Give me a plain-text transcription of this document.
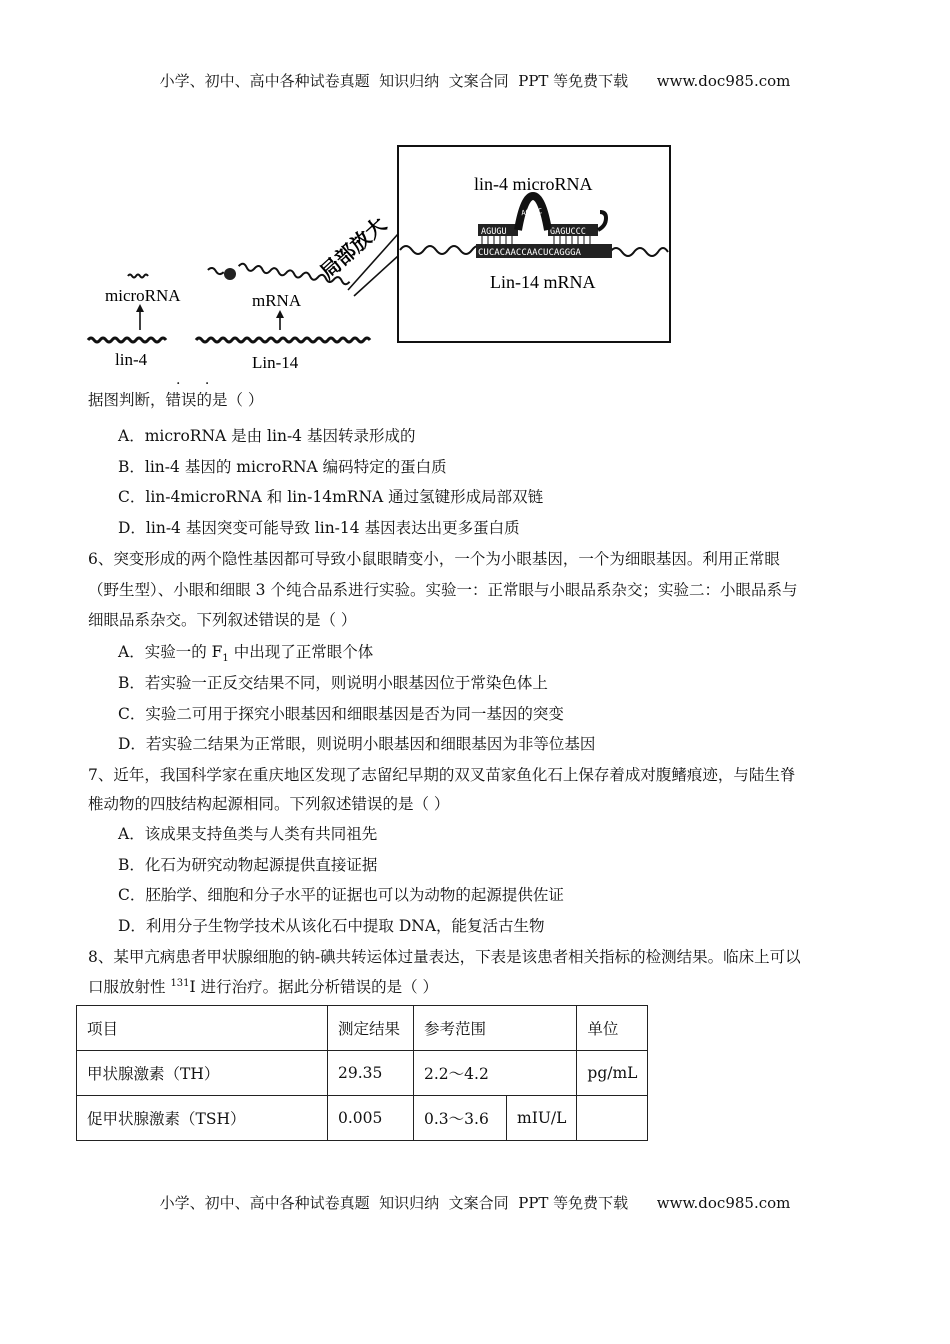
小学、初中、高中各种试卷真题  知识归纳  文案合同  PPT 等免费下载      www.doc985.com
microRNA
lin-4
mRNA
Lin-14
局部放大
lin-4 microRNA
Lin-14 mRNA
CUCACAACCAACUCAGGGA
AGUGU	GAGUCCC
ACUCC
. .
据图判断，错误的是（ ）
A．microRNA 是由 lin-4 基因转录形成的
B．lin-4 基因的 microRNA 编码特定的蛋白质
C．lin-4microRNA 和 lin-14mRNA 通过氢键形成局部双链
D．lin-4 基因突变可能导致 lin-14 基因表达出更多蛋白质
6、突变形成的两个隐性基因都可导致小鼠眼睛变小，一个为小眼基因，一个为细眼基因。利用正常眼
（野生型）、小眼和细眼 3 个纯合品系进行实验。实验一：正常眼与小眼品系杂交；实验二：小眼品系与
细眼品系杂交。下列叙述错误的是（ ）
A．实验一的 $F_1$ 中出现了正常眼个体
B．若实验一正反交结果不同，则说明小眼基因位于常染色体上
C．实验二可用于探究小眼基因和细眼基因是否为同一基因的突变
D．若实验二结果为正常眼，则说明小眼基因和细眼基因为非等位基因
7、近年，我国科学家在重庆地区发现了志留纪早期的双叉苗家鱼化石上保存着成对腹鳍痕迹，与陆生脊
椎动物的四肢结构起源相同。下列叙述错误的是（ ）
A．该成果支持鱼类与人类有共同祖先
B．化石为研究动物起源提供直接证据
C．胚胎学、细胞和分子水平的证据也可以为动物的起源提供佐证
D．利用分子生物学技术从该化石中提取 DNA，能复活古生物
8、某甲亢病患者甲状腺细胞的钠-碘共转运体过量表达，下表是该患者相关指标的检测结果。临床上可以
口服放射性 $^{131}$I 进行治疗。据此分析错误的是（ ）
项目	测定结果	参考范围		单位
甲状腺激素（TH）	29.35	2.2～4.2		pg/mL
促甲状腺激素（TSH）	0.005	0.3～3.6	mIU/L	
小学、初中、高中各种试卷真题  知识归纳  文案合同  PPT 等免费下载      www.doc985.com
